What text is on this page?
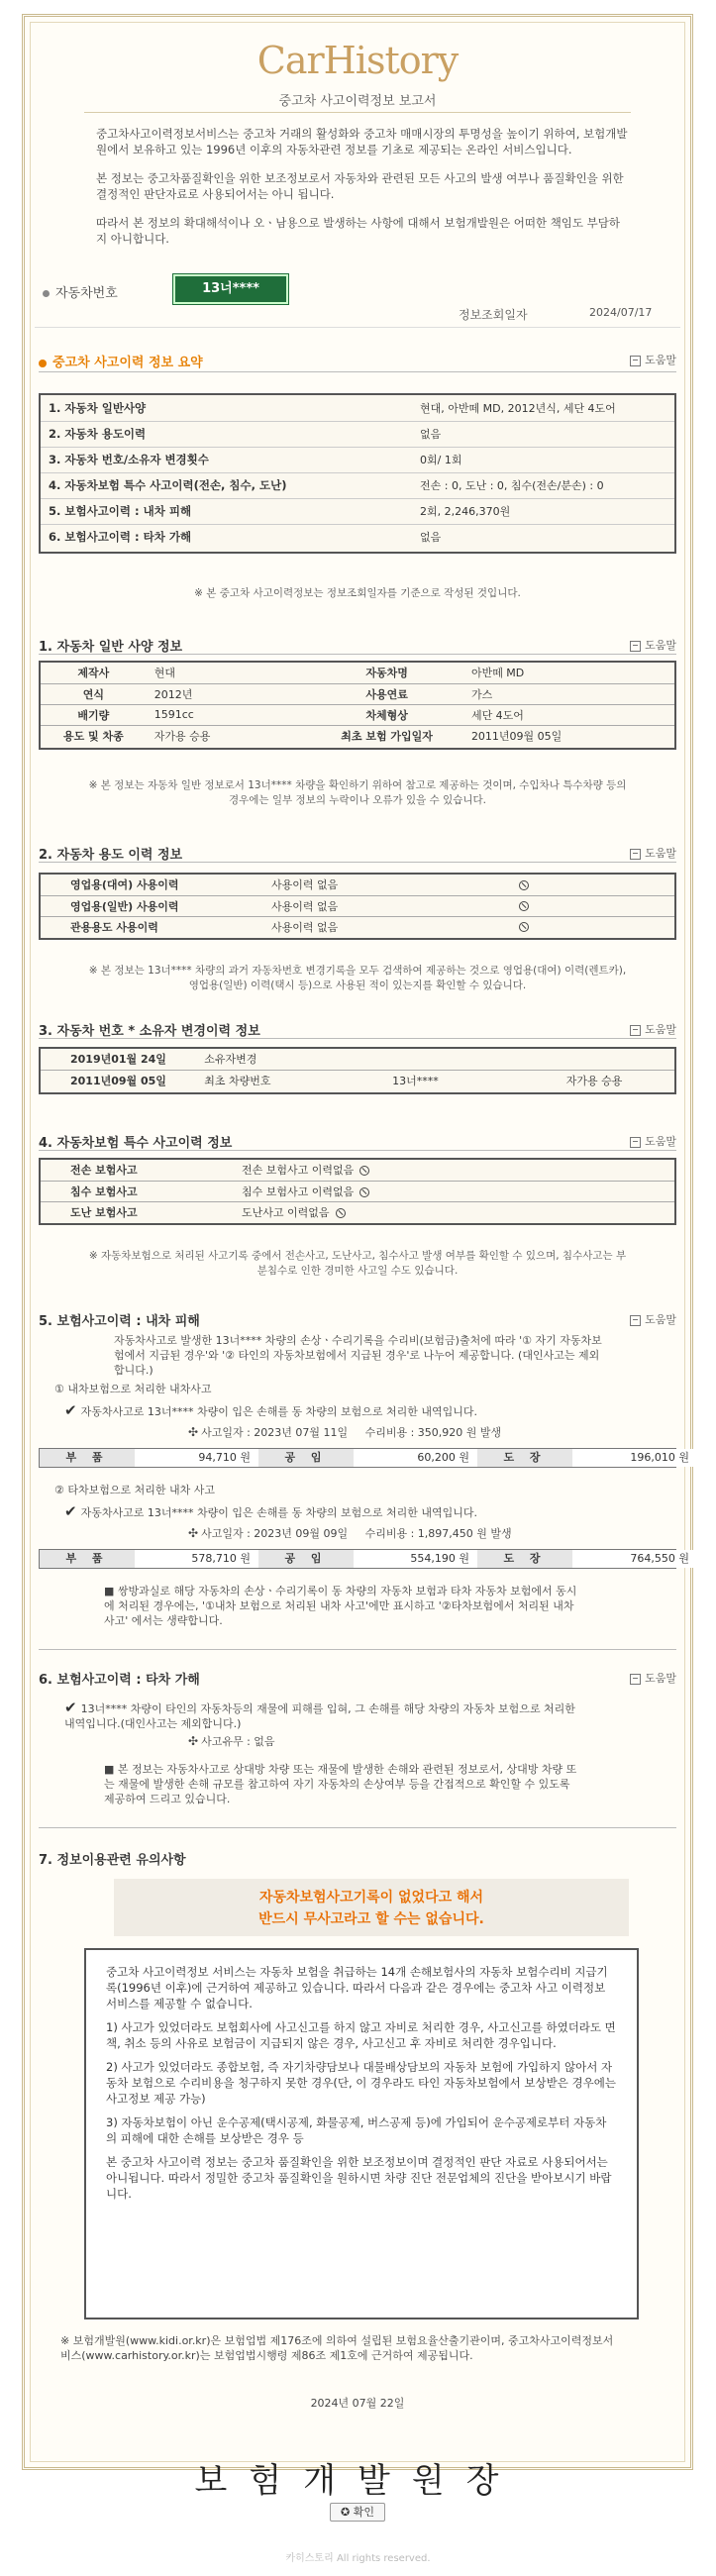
CarHistory
중고차 사고이력정보 보고서

중고차사고이력정보서비스는 중고차 거래의 활성화와 중고차 매매시장의 투명성을 높이기 위하여, 보험개발원에서 보유하고 있는 1996년 이후의 자동차관련 정보를 기초로 제공되는 온라인 서비스입니다.

본 정보는 중고차품질확인을 위한 보조정보로서 자동차와 관련된 모든 사고의 발생 여부나 품질확인을 위한 결정적인 판단자료로 사용되어서는 아니 됩니다.

따라서 본 정보의 확대해석이나 오ㆍ남용으로 발생하는 사항에 대해서 보험개발원은 어떠한 책임도 부담하지 아니합니다.

자동차번호	13너****
정보조회일자	2024/07/17
중고차 사고이력 정보 요약	도움말
1. 자동차 일반사양	현대, 아반떼 MD, 2012년식, 세단 4도어
2. 자동차 용도이력	없음
3. 자동차 번호/소유자 변경횟수	0회/ 1회
4. 자동차보험 특수 사고이력(전손, 침수, 도난)	전손 : 0, 도난 : 0, 침수(전손/분손) : 0
5. 보험사고이력 : 내차 피해	2회, 2,246,370원
6. 보험사고이력 : 타차 가해	없음
※ 본 중고차 사고이력정보는 정보조회일자를 기준으로 작성된 것입니다.
1. 자동차 일반 사양 정보	도움말
제작사	현대	자동차명	아반떼 MD
연식	2012년	사용연료	가스
배기량	1591cc	차체형상	세단 4도어
용도 및 차종	자가용 승용	최초 보험 가입일자	2011년09월 05일
※ 본 정보는 자동차 일반 정보로서 13너**** 차량을 확인하기 위하여 참고로 제공하는 것이며, 수입차나 특수차량 등의 경우에는 일부 정보의 누락이나 오류가 있을 수 있습니다.
2. 자동차 용도 이력 정보	도움말
영업용(대여) 사용이력	사용이력 없음	
영업용(일반) 사용이력	사용이력 없음	
관용용도 사용이력	사용이력 없음	
※ 본 정보는 13너**** 차량의 과거 자동차번호 변경기록을 모두 검색하여 제공하는 것으로 영업용(대여) 이력(렌트카), 영업용(일반) 이력(택시 등)으로 사용된 적이 있는지를 확인할 수 있습니다.
3. 자동차 번호 * 소유자 변경이력 정보	도움말
2019년01월 24일	소유자변경		
2011년09월 05일	최초 차량번호	13너****	자가용 승용
4. 자동차보험 특수 사고이력 정보	도움말
전손 보험사고	전손 보험사고 이력없음
침수 보험사고	침수 보험사고 이력없음
도난 보험사고	도난사고 이력없음
※ 자동차보험으로 처리된 사고기록 중에서 전손사고, 도난사고, 침수사고 발생 여부를 확인할 수 있으며, 침수사고는 부분침수로 인한 경미한 사고일 수도 있습니다.
5. 보험사고이력 : 내차 피해	도움말
자동차사고로 발생한 13너**** 차량의 손상ㆍ수리기록을 수리비(보험금)출처에 따라 '① 자기 자동차보험에서 지급된 경우'와 '② 타인의 자동차보험에서 지급된 경우'로 나누어 제공합니다. (대인사고는 제외합니다.)
① 내차보험으로 처리한 내차사고
✔ 자동차사고로 13너**** 차량이 입은 손해를 동 차량의 보험으로 처리한 내역입니다.
✣ 사고일자 : 2023년 07월 11일 수리비용 : 350,920 원 발생
부 품	94,710 원	공 임	60,200 원	도 장	196,010 원
② 타차보험으로 처리한 내차 사고
✔ 자동차사고로 13너**** 차량이 입은 손해를 동 차량의 보험으로 처리한 내역입니다.
✣ 사고일자 : 2023년 09월 09일 수리비용 : 1,897,450 원 발생
부 품	578,710 원	공 임	554,190 원	도 장	764,550 원
■ 쌍방과실로 해당 자동차의 손상ㆍ수리기록이 동 차량의 자동차 보험과 타차 자동차 보험에서 동시에 처리된 경우에는, '①내차 보험으로 처리된 내차 사고'에만 표시하고 '②타차보험에서 처리된 내차 사고' 에서는 생략합니다.
6. 보험사고이력 : 타차 가해	도움말
✔ 13너**** 차량이 타인의 자동차등의 재물에 피해를 입혀, 그 손해를 해당 차량의 자동차 보험으로 처리한 내역입니다.(대인사고는 제외합니다.)
✣ 사고유무 : 없음
■ 본 정보는 자동차사고로 상대방 차량 또는 재물에 발생한 손해와 관련된 정보로서, 상대방 차량 또는 재물에 발생한 손해 규모를 참고하여 자기 자동차의 손상여부 등을 간접적으로 확인할 수 있도록 제공하여 드리고 있습니다.
7. 정보이용관련 유의사항
자동차보험사고기록이 없었다고 해서
반드시 무사고라고 할 수는 없습니다.

중고차 사고이력정보 서비스는 자동차 보험을 취급하는 14개 손해보험사의 자동차 보험수리비 지급기록(1996년 이후)에 근거하여 제공하고 있습니다. 따라서 다음과 같은 경우에는 중고차 사고 이력정보 서비스를 제공할 수 없습니다.

1) 사고가 있었더라도 보험회사에 사고신고를 하지 않고 자비로 처리한 경우, 사고신고를 하였더라도 면책, 취소 등의 사유로 보험금이 지급되지 않은 경우, 사고신고 후 자비로 처리한 경우입니다.

2) 사고가 있었더라도 종합보험, 즉 자기차량담보나 대물배상담보의 자동차 보험에 가입하지 않아서 자동차 보험으로 수리비용을 청구하지 못한 경우(단, 이 경우라도 타인 자동차보험에서 보상받은 경우에는 사고정보 제공 가능)

3) 자동차보험이 아닌 운수공제(택시공제, 화물공제, 버스공제 등)에 가입되어 운수공제로부터 자동차의 피해에 대한 손해를 보상받은 경우 등

본 중고차 사고이력 정보는 중고차 품질확인을 위한 보조정보이며 결정적인 판단 자료로 사용되어서는 아니됩니다. 따라서 정밀한 중고차 품질확인을 원하시면 차량 진단 전문업체의 진단을 받아보시기 바랍니다.

※ 보험개발원(www.kidi.or.kr)은 보험업법 제176조에 의하여 설립된 보험요율산출기관이며, 중고차사고이력정보서비스(www.carhistory.or.kr)는 보험업법시행령 제86조 제1호에 근거하여 제공됩니다.
2024년 07월 22일
보험개발원장
✪ 확인
카히스토리 All rights reserved.
